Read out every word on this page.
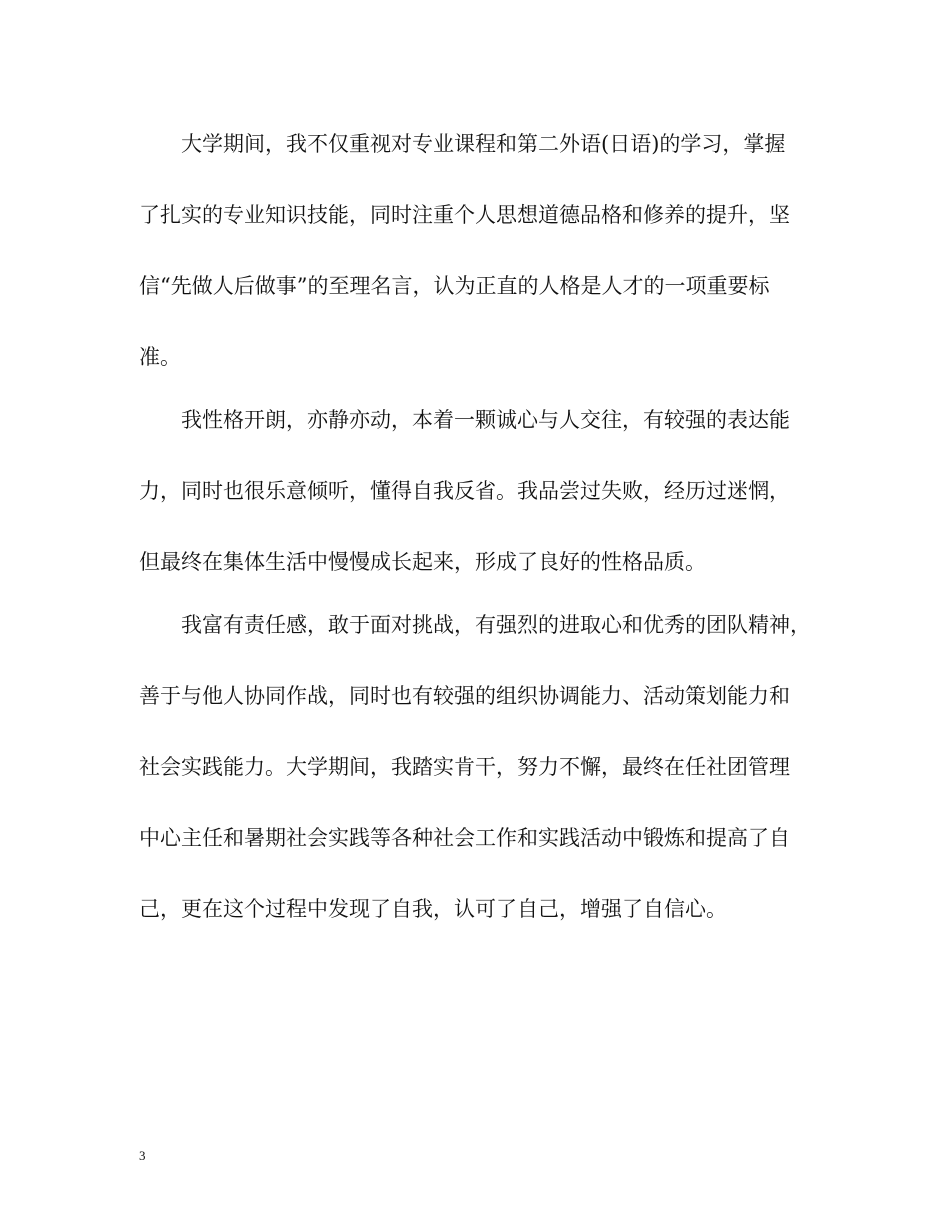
大学期间，我不仅重视对专业课程和第二外语(日语)的学习，掌握
了扎实的专业知识技能，同时注重个人思想道德品格和修养的提升，坚
信“先做人后做事”的至理名言，认为正直的人格是人才的一项重要标
准。
我性格开朗，亦静亦动，本着一颗诚心与人交往，有较强的表达能
力，同时也很乐意倾听，懂得自我反省。我品尝过失败，经历过迷惘，
但最终在集体生活中慢慢成长起来，形成了良好的性格品质。
我富有责任感，敢于面对挑战，有强烈的进取心和优秀的团队精神，
善于与他人协同作战，同时也有较强的组织协调能力、活动策划能力和
社会实践能力。大学期间，我踏实肯干，努力不懈，最终在任社团管理
中心主任和暑期社会实践等各种社会工作和实践活动中锻炼和提高了自
己，更在这个过程中发现了自我，认可了自己，增强了自信心。
3
